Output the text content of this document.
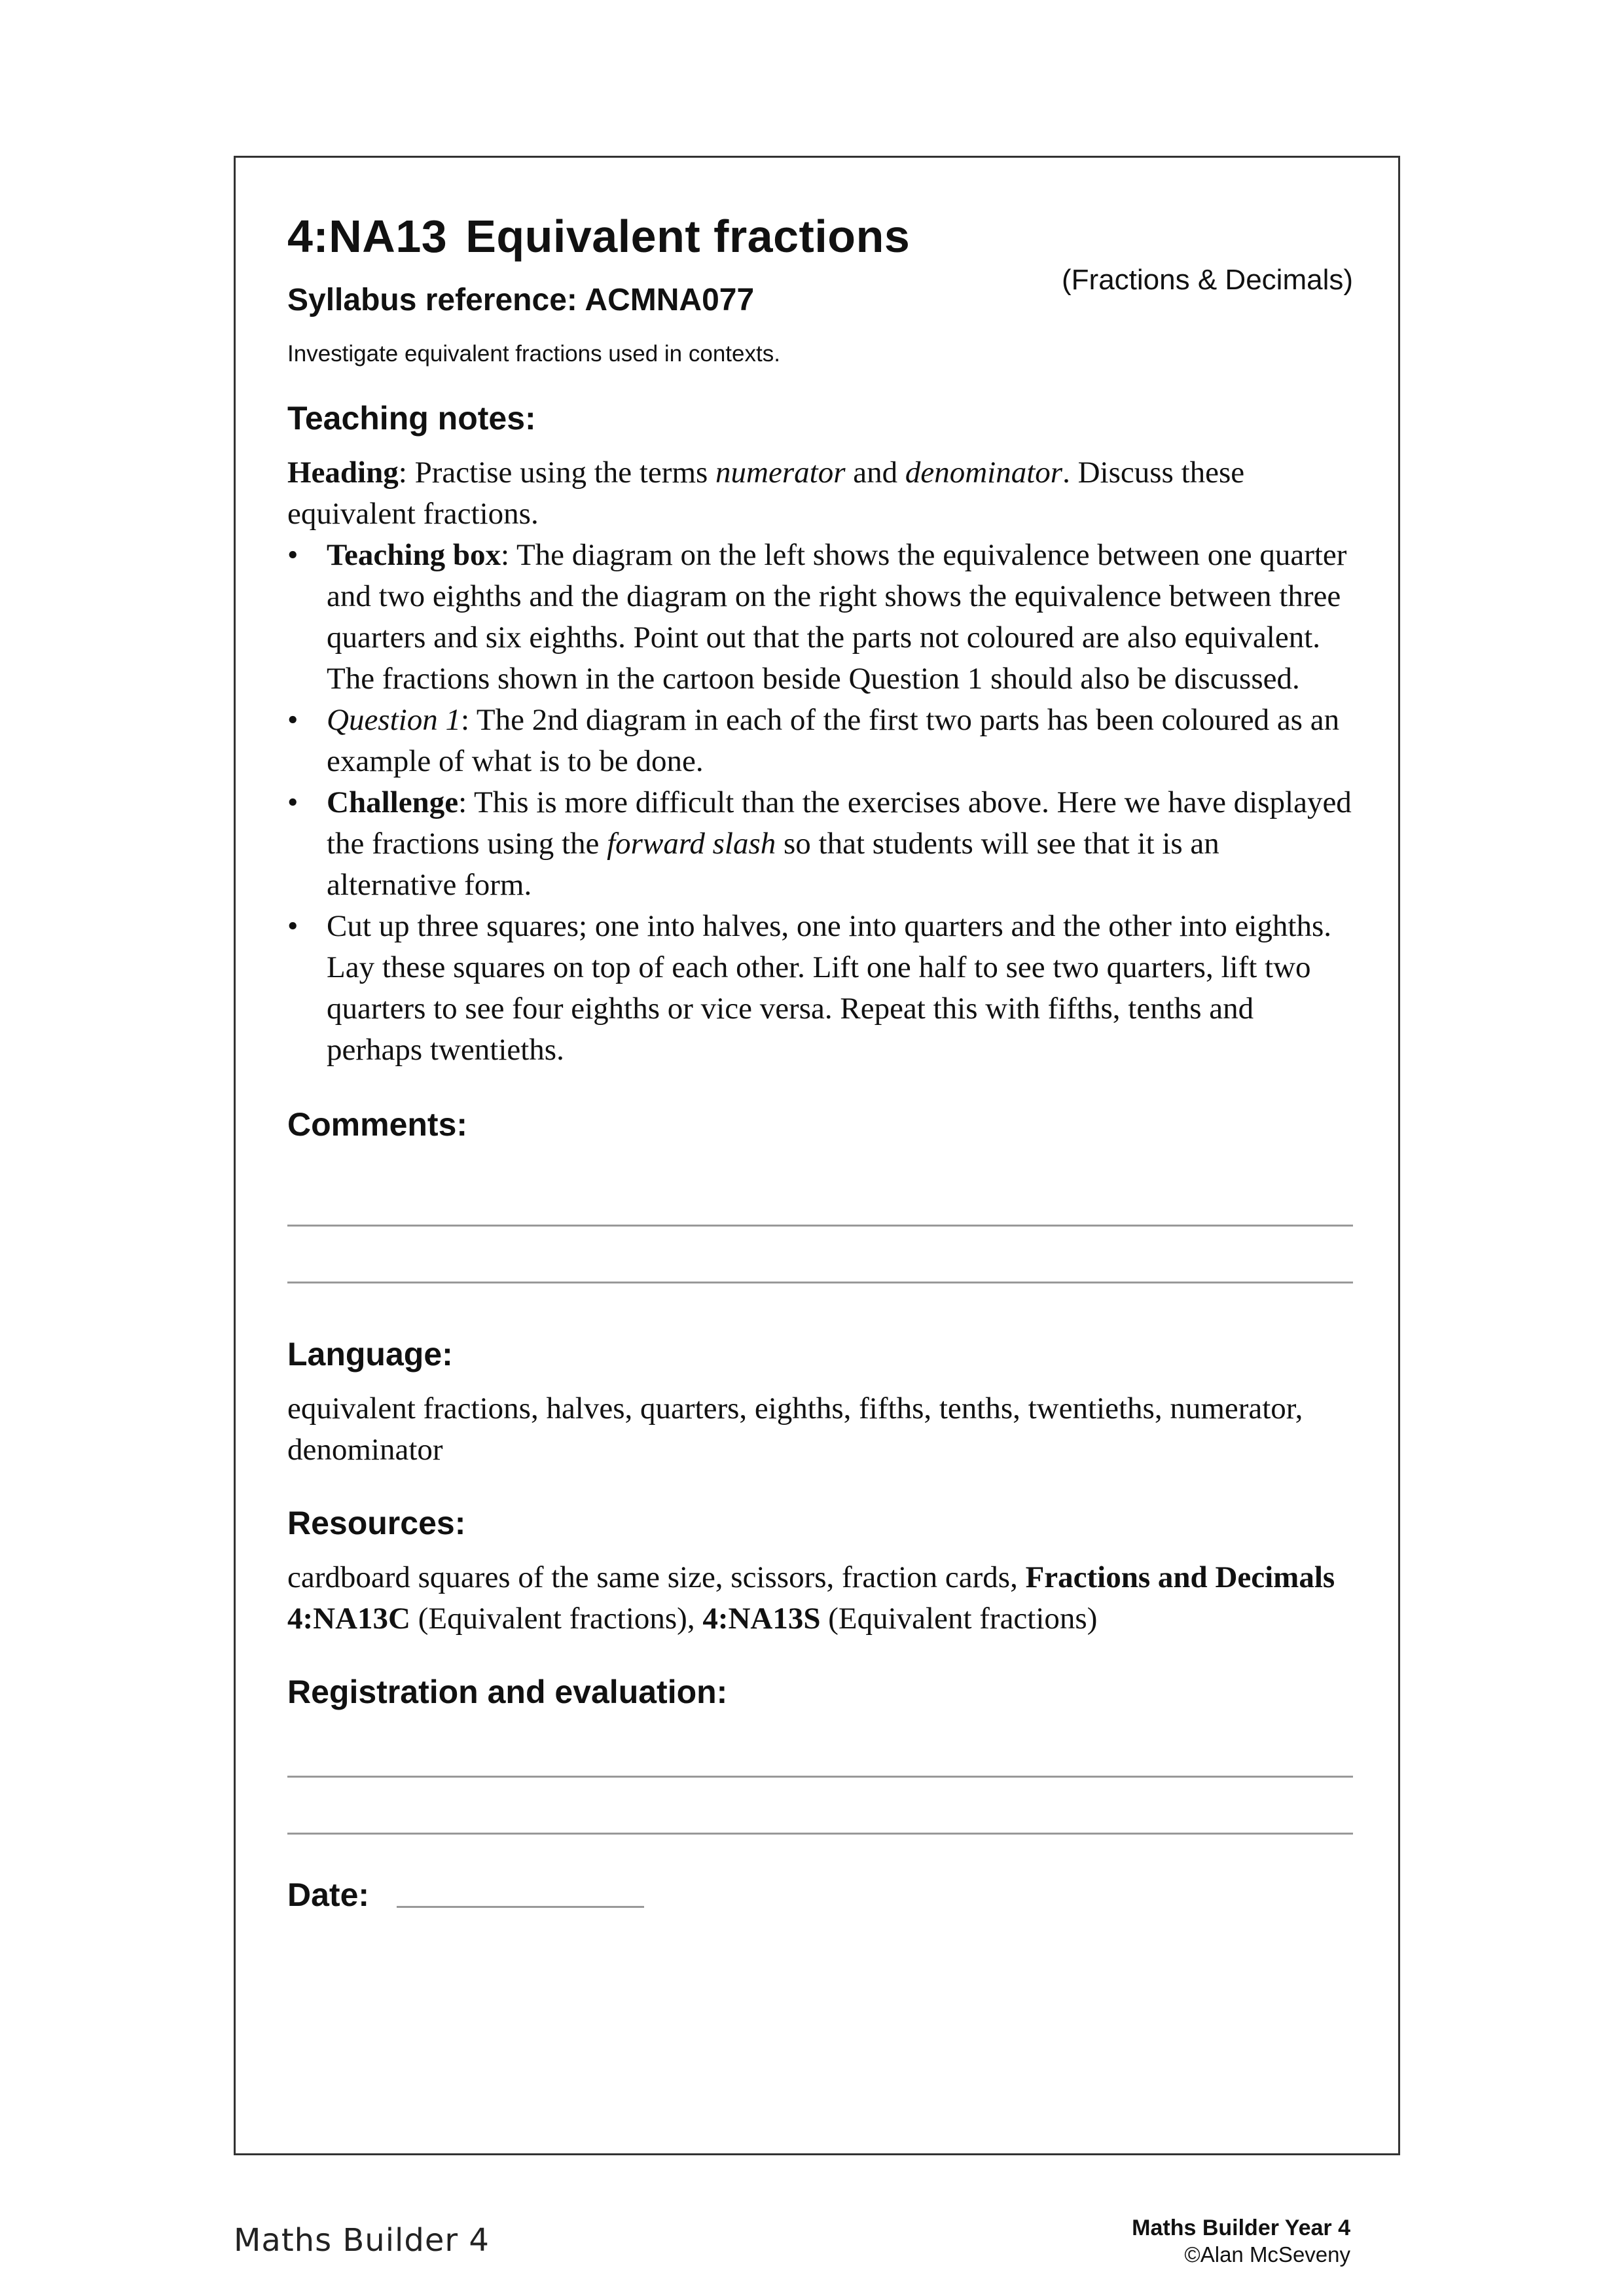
4:NA13 Equivalent fractions
(Fractions & Decimals)
Syllabus reference: ACMNA077
Investigate equivalent fractions used in contexts.
Teaching notes:

Heading: Practise using the terms numerator and denominator. Discuss these equivalent fractions.

• Teaching box: The diagram on the left shows the equivalence between one quarter and two eighths and the diagram on the right shows the equivalence between three quarters and six eighths. Point out that the parts not coloured are also equivalent. The fractions shown in the cartoon beside Question 1 should also be discussed.
• Question 1: The 2nd diagram in each of the first two parts has been coloured as an example of what is to be done.
• Challenge: This is more difficult than the exercises above. Here we have displayed the fractions using the forward slash so that students will see that it is an alternative form.
• Cut up three squares; one into halves, one into quarters and the other into eighths. Lay these squares on top of each other. Lift one half to see two quarters, lift two quarters to see four eighths or vice versa. Repeat this with fifths, tenths and perhaps twentieths.
Comments:
Language:
equivalent fractions, halves, quarters, eighths, fifths, tenths, twentieths, numerator, denominator
Resources:
cardboard squares of the same size, scissors, fraction cards, Fractions and Decimals 4:NA13C (Equivalent fractions), 4:NA13S (Equivalent fractions)
Registration and evaluation:
Date:
Maths Builder 4	Maths Builder Year 4
©Alan McSeveny
